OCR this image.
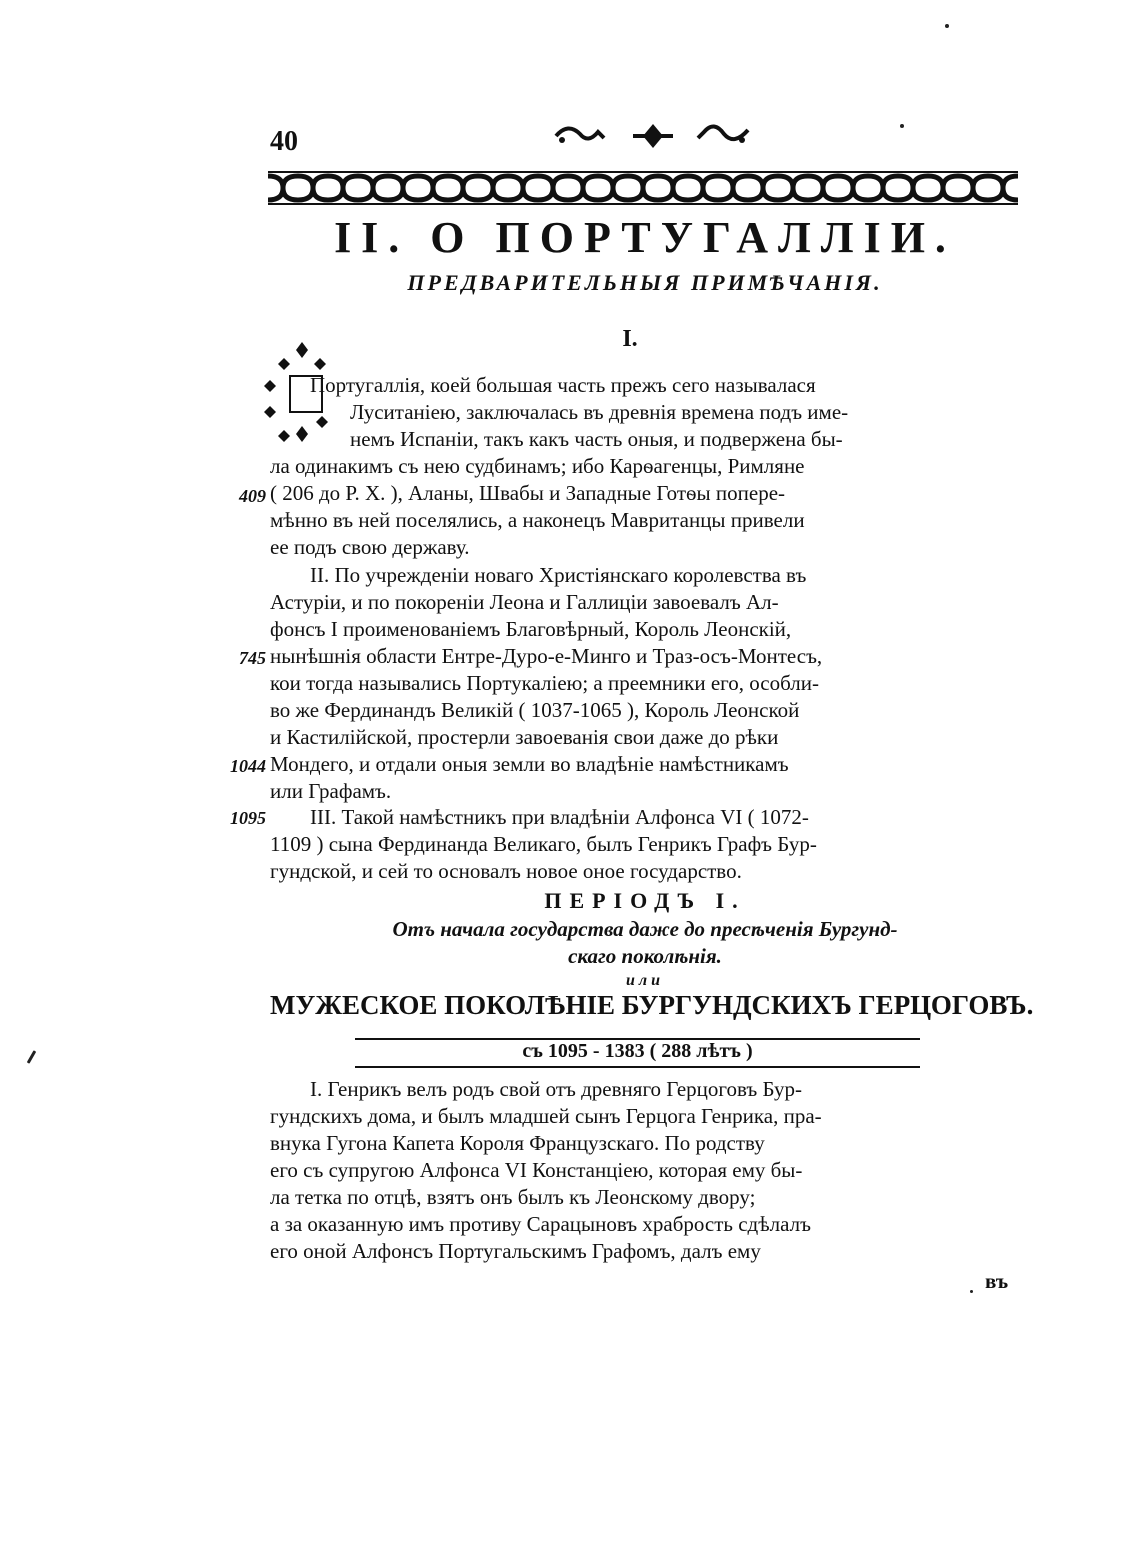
40
II. О ПОРТУГАЛЛІИ.
ПРЕДВАРИТЕЛЬНЫЯ ПРИМѢЧАНІЯ.
I.
Португаллія, коей большая часть прежъ сего называлася
Луситаніею, заключалась въ древнія времена подъ име-
немъ Испаніи, такъ какъ часть оныя, и подвержена бы-
ла одинакимъ съ нею судбинамъ; ибо Карѳагенцы, Римляне
( 206 до Р. Х. ), Аланы, Швабы и Западные Готѳы попере-
мѣнно въ ней поселялись, а наконецъ Мавританцы привели
ее подъ свою державу.
II. По учрежденіи новаго Христіянскаго королевства въ
Астуріи, и по покореніи Леона и Галлиціи завоевалъ Ал-
фонсъ I проименованіемъ Благовѣрный, Король Леонскій,
нынѣшнія области Ентре-Дуро-е-Минго и Траз-осъ-Монтесъ,
кои тогда назывались Портукаліею; а преемники его, особли-
во же Фердинандъ Великій ( 1037-1065 ), Король Леонской
и Кастилійской, простерли завоеванія свои даже до рѣки
Мондего, и отдали оныя земли во владѣніе намѣстникамъ
или Графамъ.
III. Такой намѣстникъ при владѣніи Алфонса VI ( 1072-
1109 ) сына Фердинанда Великаго, былъ Генрикъ Графъ Бур-
гундской, и сей то основалъ новое оное государство.
409
745
1044
1095
ПЕРІОДЪ I.
Отъ начала государства даже до пресѣченія Бургунд-
скаго поколѣнія.
или
МУЖЕСКОЕ ПОКОЛѢНІЕ БУРГУНДСКИХЪ ГЕРЦОГОВЪ.
съ 1095 - 1383 ( 288 лѣтъ )
I. Генрикъ велъ родъ свой отъ древняго Герцоговъ Бур-
гундскихъ дома, и былъ младшей сынъ Герцога Генрика, пра-
внука Гугона Капета Короля Французскаго. По родству
его съ супругою Алфонса VI Констанціею, которая ему бы-
ла тетка по отцѣ, взятъ онъ былъ къ Леонскому двору;
а за оказанную имъ противу Сарацыновъ храбрость сдѣлалъ
его оной Алфонсъ Португальскимъ Графомъ, далъ ему
въ
